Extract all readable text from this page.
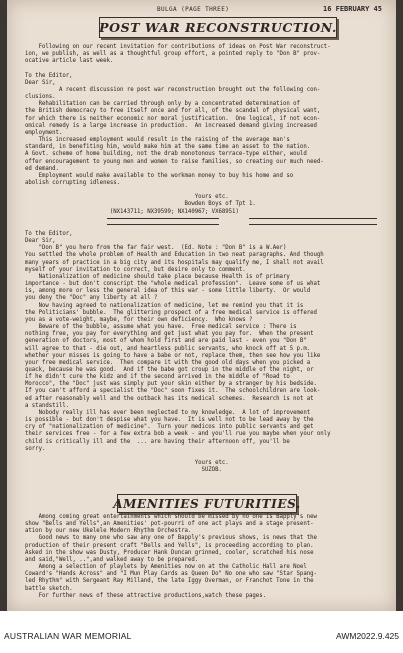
BULGA (PAGE THREE)	16 FEBRUARY 45
POST WAR RECONSTRUCTION.
Following on our recent invitation for contributions of ideas on Post War reconstruct-
ion, we publish, as well as a thoughtful group effort, a pointed reply to "Don B" prov-
ocative article last week.

To the Editor,
Dear Sir,
A recent discussion re post war reconstruction brought out the following con-
clusions.
Rehabilitation can be carried through only by a concentrated determination of
the British democracy to free itself once and for all, of the scandal of physical want,
for which there is neither economic nor moral justification.  One logical, if not econ-
omical remedy is a large increase in production.  An increased demand giving increased
employment.
This increased employment would result in the raising of the average man's
standard, in benefiting him, would make him at the same time an asset to the nation.
A Govt. scheme of home building, not the drab monotonous terrace-type either, would
offer encouragement to young men and women to raise families, so creating our much need-
ed demand.
Employment would make available to the workman money to buy his home and so
abolish corrupting idleness.

Yours etc.
Bowden Boys of Tpt 1.
(NX143711; NX39599; NX140967; VX68951)
To the Editor,
Dear Sir,
"Don B" you hero from the far fair west.  (Ed. Note : "Don B" is a W.Aer)
You settled the whole problem of Health and Education in two neat paragraphs. And though
many years of practice in a big city and its hospitals may qualify me, I shall not avail
myself of your invitation to correct, but desire only to comment.
Nationalization of medicine should take place because Health is of primary
importance - but don't conscript the "whole medical profession".  Leave some of us what
is, among more or less the general idea of this war - some little liberty.  Or would
you deny the "Doc" any liberty at all ?
Now having agreed to nationalization of medicine, let me remind you that it is
the Politicians' bubble.  The glittering prospect of a free medical service is offered
you as a vote-weight, maybe, for their own deficiency.  Who knows ?
Beware of the bubble, assume what you have.  Free medical service : There is
nothing free, you pay for everything and get just what you pay for.  When the present
generation of doctors, most of whom hold first and are paid last - even you "Don B"
will agree to that - die out, and heartless public servants, who knock off at 5 p.m.
whether your misses is going to have a babe or not, replace them, then see how you like
your free medical service.  Then compare it with the good old days when you picked a
quack, because he was good.  And if the babe got croup in the middle of the night, or
if he didn't cure the kidz and if the second arrived in the middle of "Road to
Morocco", the "Doc" just was simply put your skin either by a stranger by his bedside.
If you can't afford a specialist the "Doc" soon fixes it.  The schoolchildren are look-
ed after reasonably well and the outback has its medical schemes.  Research is not at
a standstill.
Nobody really ill has ever been neglected to my knowledge.  A lot of improvement
is possible - but don't despise what you have.  It is well not to be lead away by the
cry of "nationalization of medicine".  Turn your medicos into public servants and get
their services free - for a few extra bob a week - and you'll rue you maybe when your only
child is critically ill and the  ... are having their afternoon off, you'll be
sorry.

Yours etc.
SUZOB.
AMENITIES FUTURITIES.
Among coming great entertainments which should be missed by no one is Bapply's new
show "Bells and Yells",an Amenities' pot-pourri of one act plays and a stage present-
ation by our new Ukelele Modern Rhythm Orchestra.
Good news to many one who saw any one of Bapply's previous shows, is news that the
production of their present craft "Bells and Yells", is proceeding according to plan.
Asked in the show was Dusty, Producer Hank Duncan grinned, cooler, scratched his nose
and said,"Well, ..",and walked away to be prepared.
Among a selection of playlets by Amenities now on at the Catholic Hall are Noel
Coward's "Hands Across" and "I Mun Play Cards as Queen Do" No one who saw "Star Spang-
led Rhythm" with Sergeant Ray Milland, the late Iggy Overman, or Franchot Tone in the
battle sketch.
For further news of these attractive productions,watch these pages.
AUSTRALIAN WAR MEMORIAL	AWM2022.9.425
